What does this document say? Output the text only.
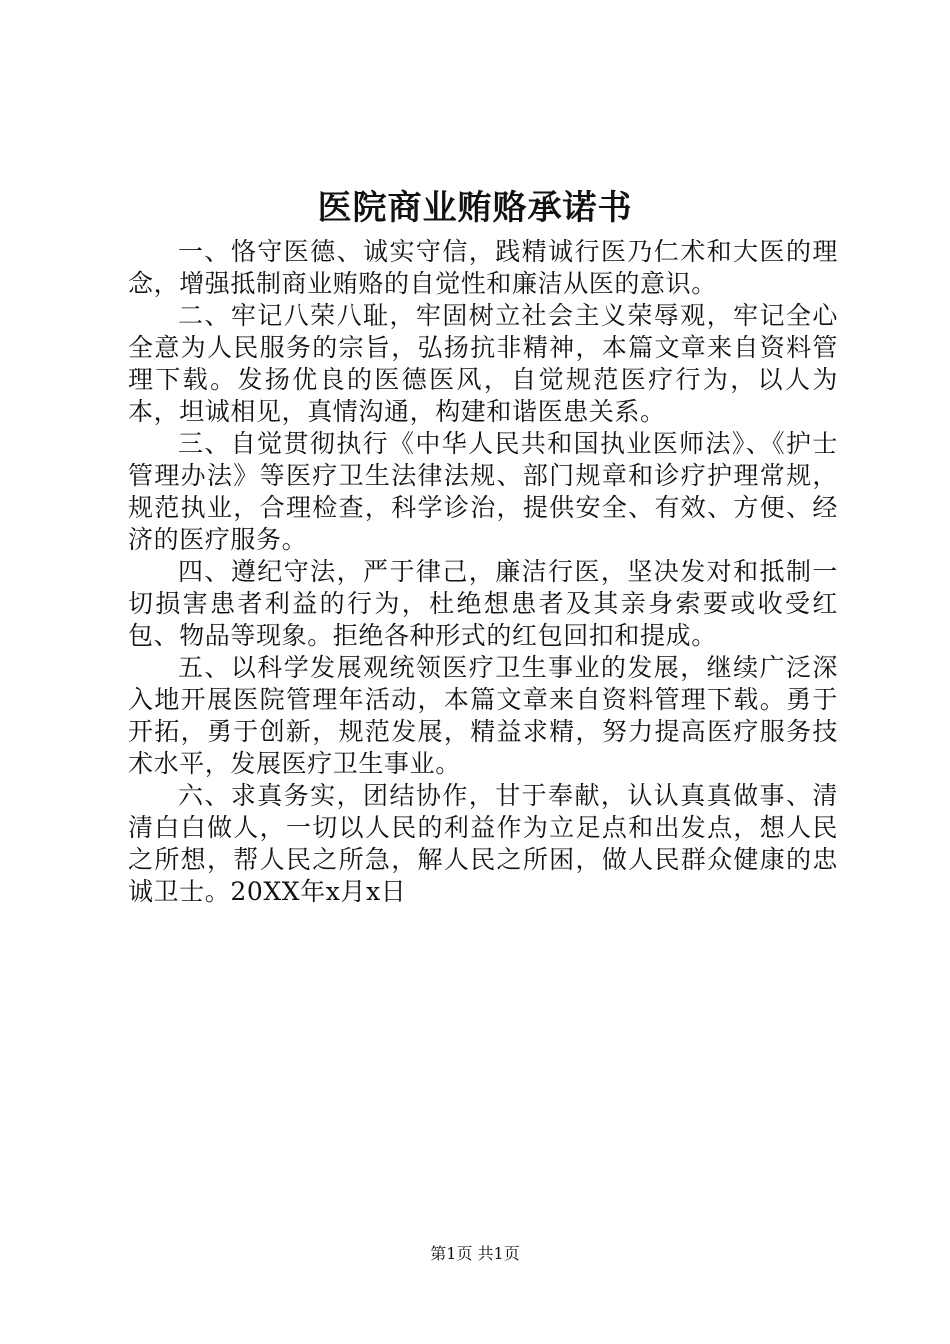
医院商业贿赂承诺书

一、恪守医德、诚实守信，践精诚行医乃仁术和大医的理念，增强抵制商业贿赂的自觉性和廉洁从医的意识。

二、牢记八荣八耻，牢固树立社会主义荣辱观，牢记全心全意为人民服务的宗旨，弘扬抗非精神，本篇文章来自资料管理下载。发扬优良的医德医风，自觉规范医疗行为，以人为本，坦诚相见，真情沟通，构建和谐医患关系。

三、自觉贯彻执行《中华人民共和国执业医师法》、《护士管理办法》等医疗卫生法律法规、部门规章和诊疗护理常规，规范执业，合理检查，科学诊治，提供安全、有效、方便、经济的医疗服务。

四、遵纪守法，严于律己，廉洁行医，坚决发对和抵制一切损害患者利益的行为，杜绝想患者及其亲身索要或收受红包、物品等现象。拒绝各种形式的红包回扣和提成。

五、以科学发展观统领医疗卫生事业的发展，继续广泛深入地开展医院管理年活动，本篇文章来自资料管理下载。勇于开拓，勇于创新，规范发展，精益求精，努力提高医疗服务技术水平，发展医疗卫生事业。

六、求真务实，团结协作，甘于奉献，认认真真做事、清清白白做人，一切以人民的利益作为立足点和出发点，想人民之所想，帮人民之所急，解人民之所困，做人民群众健康的忠诚卫士。20XX年x月x日

第1页 共1页
